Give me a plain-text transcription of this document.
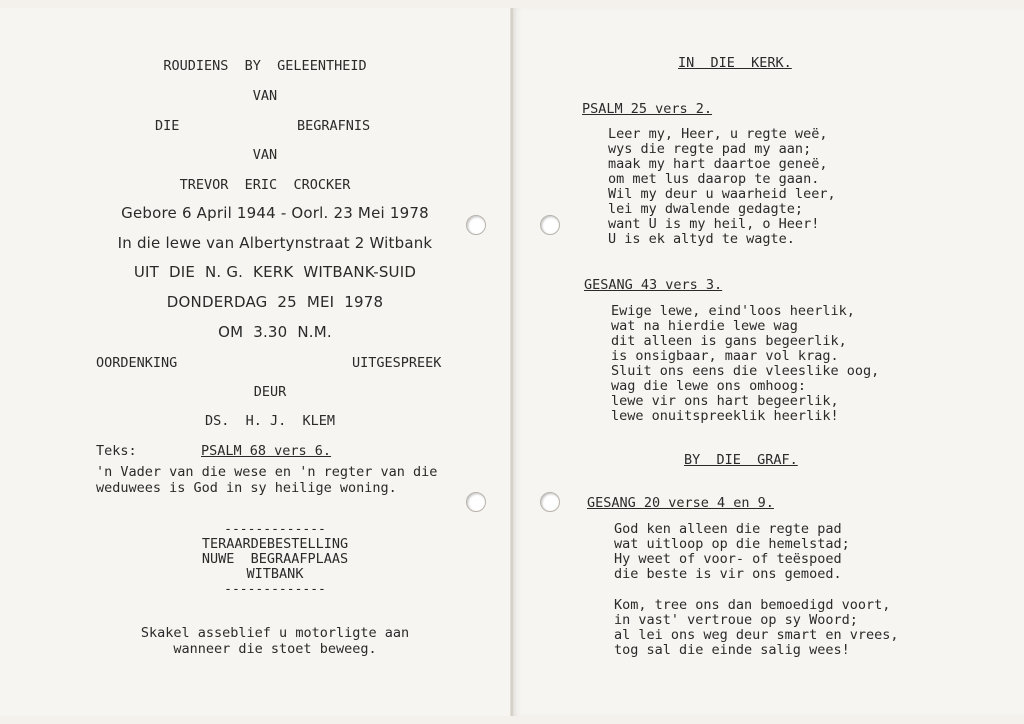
ROUDIENS  BY  GELEENTHEID
VAN
DIE	BEGRAFNIS
VAN
TREVOR  ERIC  CROCKER
Gebore 6 April 1944 - Oorl. 23 Mei 1978
In die lewe van Albertynstraat 2 Witbank
UIT  DIE  N. G.  KERK  WITBANK-SUID
DONDERDAG  25  MEI  1978
OM  3.30  N.M.
OORDENKING	UITGESPREEK
DEUR
DS.  H. J.  KLEM
Teks:	PSALM 68 vers 6.
'n Vader van die wese en 'n regter van die
weduwees is God in sy heilige woning.
-------------
TERAARDEBESTELLING
NUWE  BEGRAAFPLAAS
WITBANK
-------------
Skakel asseblief u motorligte aan
wanneer die stoet beweeg.
IN  DIE  KERK.
PSALM 25 vers 2.
Leer my, Heer, u regte weë,
wys die regte pad my aan;
maak my hart daartoe geneë,
om met lus daarop te gaan.
Wil my deur u waarheid leer,
lei my dwalende gedagte;
want U is my heil, o Heer!
U is ek altyd te wagte.
GESANG 43 vers 3.
Ewige lewe, eind'loos heerlik,
wat na hierdie lewe wag
dit alleen is gans begeerlik,
is onsigbaar, maar vol krag.
Sluit ons eens die vleeslike oog,
wag die lewe ons omhoog:
lewe vir ons hart begeerlik,
lewe onuitspreeklik heerlik!
BY  DIE  GRAF.
GESANG 20 verse 4 en 9.
God ken alleen die regte pad
wat uitloop op die hemelstad;
Hy weet of voor- of teëspoed
die beste is vir ons gemoed.
Kom, tree ons dan bemoedigd voort,
in vast' vertroue op sy Woord;
al lei ons weg deur smart en vrees,
tog sal die einde salig wees!
